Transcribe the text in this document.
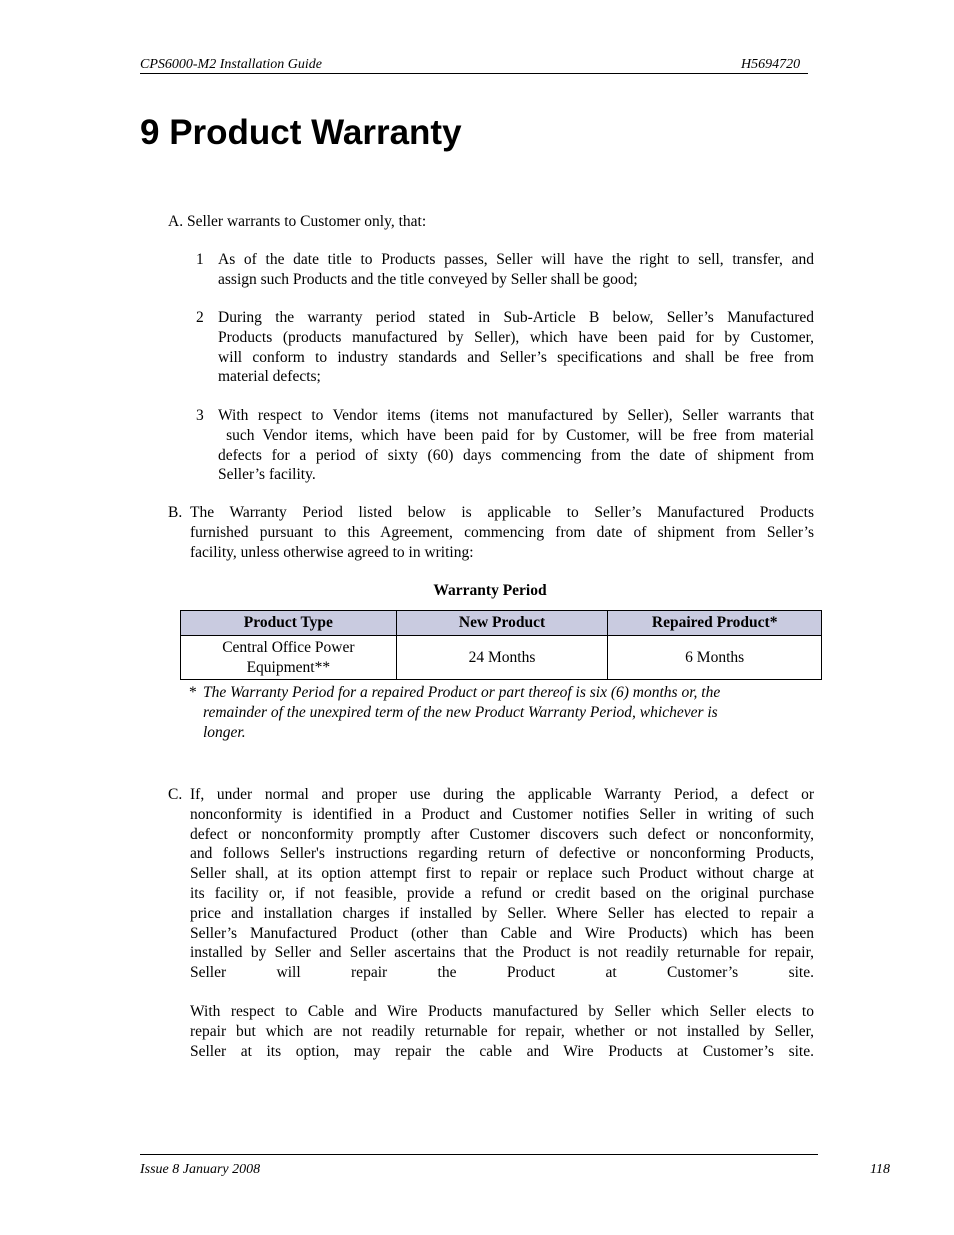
CPS6000-M2 Installation Guide	H5694720
9 Product Warranty
A. Seller warrants to Customer only, that:
1 As of the date title to Products passes, Seller will have the right to sell, transfer, and
assign such Products and the title conveyed by Seller shall be good;
2 During the warranty period stated in Sub-Article B below, Seller’s Manufactured
Products (products manufactured by Seller), which have been paid for by Customer,
will conform to industry standards and Seller’s specifications and shall be free from
material defects;
3 With respect to Vendor items (items not manufactured by Seller), Seller warrants that
such Vendor items, which have been paid for by Customer, will be free from material
defects for a period of sixty (60) days commencing from the date of shipment from
Seller’s facility.
B. The Warranty Period listed below is applicable to Seller’s Manufactured Products
furnished pursuant to this Agreement, commencing from date of shipment from Seller’s
facility, unless otherwise agreed to in writing:
Warranty Period
Product Type	New Product	Repaired Product*

Central Office Power
Equipment**	24 Months	6 Months
* The Warranty Period for a repaired Product or part thereof is six (6) months or, the
remainder of the unexpired term of the new Product Warranty Period, whichever is
longer.
C. If, under normal and proper use during the applicable Warranty Period, a defect or
nonconformity is identified in a Product and Customer notifies Seller in writing of such
defect or nonconformity promptly after Customer discovers such defect or nonconformity,
and follows Seller's instructions regarding return of defective or nonconforming Products,
Seller shall, at its option attempt first to repair or replace such Product without charge at
its facility or, if not feasible, provide a refund or credit based on the original purchase
price and installation charges if installed by Seller. Where Seller has elected to repair a
Seller’s Manufactured Product (other than Cable and Wire Products) which has been
installed by Seller and Seller ascertains that the Product is not readily returnable for repair,
Seller will repair the Product at Customer’s site.
With respect to Cable and Wire Products manufactured by Seller which Seller elects to
repair but which are not readily returnable for repair, whether or not installed by Seller,
Seller at its option, may repair the cable and Wire Products at Customer’s site.
Issue 8 January 2008	118
